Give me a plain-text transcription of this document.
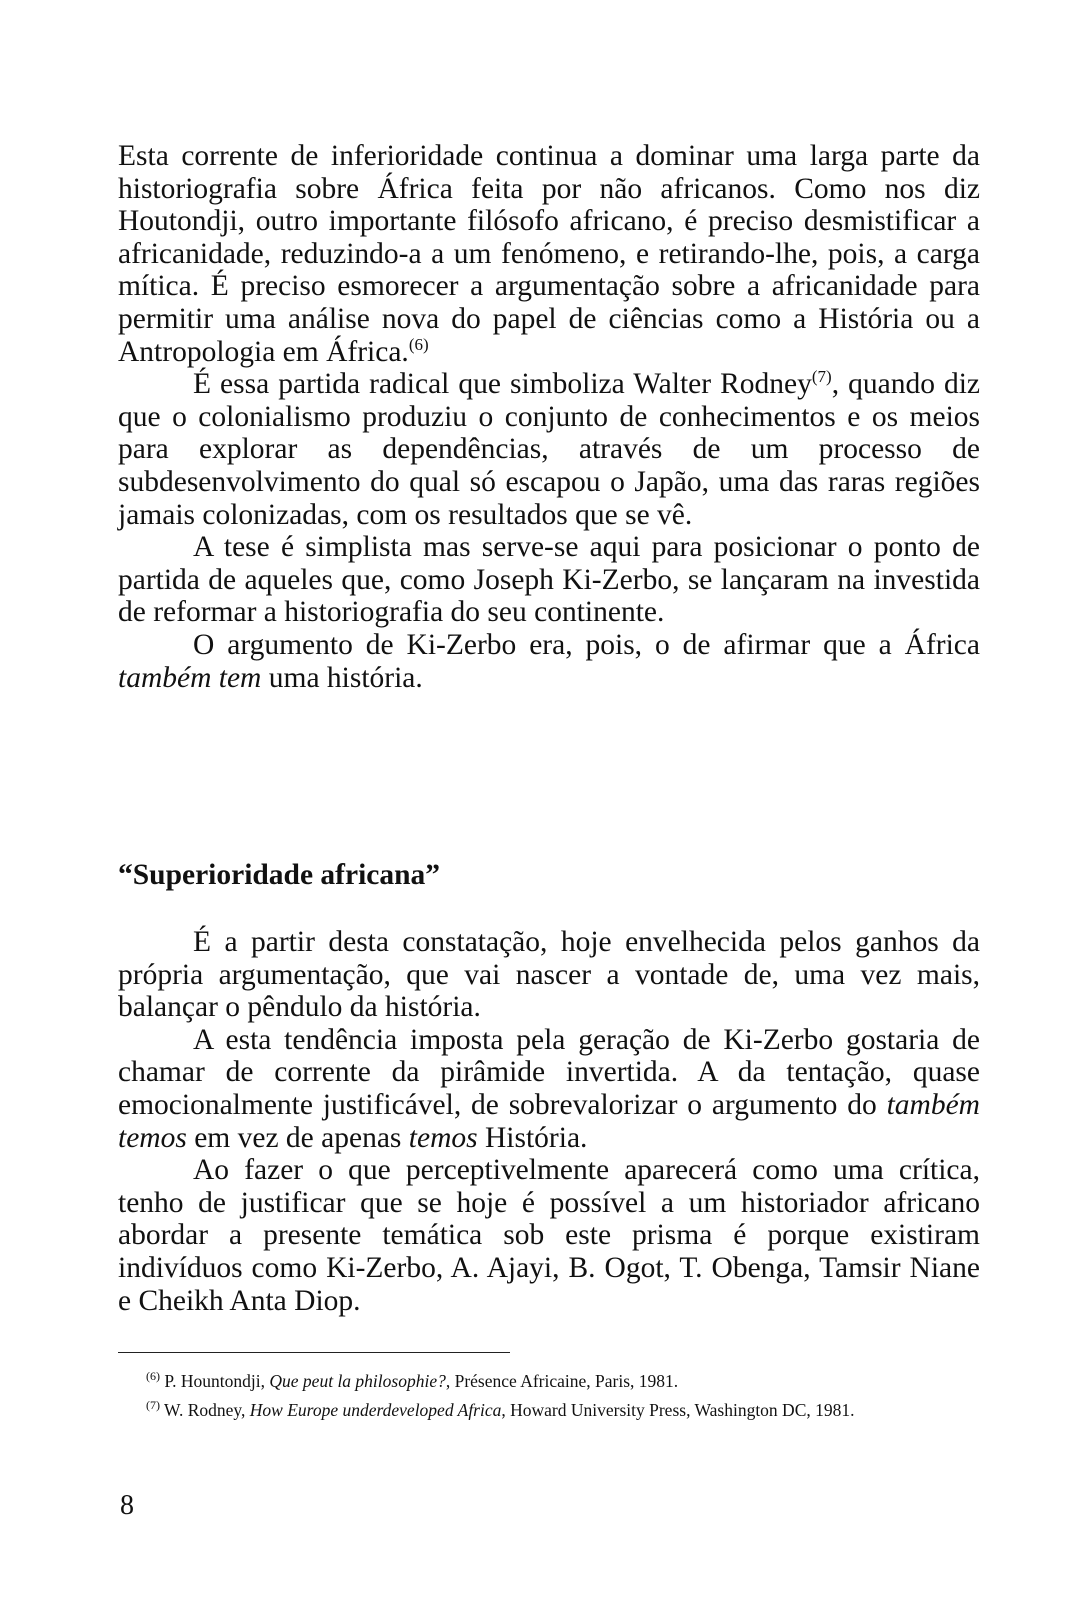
Esta corrente de inferioridade continua a dominar uma larga parte da historiografia sobre África feita por não africanos. Como nos diz Houtondji, outro importante filósofo africano, é preciso desmistificar a africanidade, reduzindo-a a um fenómeno, e retirando-lhe, pois, a carga mítica. É preciso esmorecer a argumentação sobre a africanidade para permitir uma análise nova do papel de ciências como a História ou a Antropologia em África.$^{(6)}$

É essa partida radical que simboliza Walter Rodney$^{(7)}$, quando diz que o colonialismo produziu o conjunto de conhecimentos e os meios para explorar as dependências, através de um processo de subdesenvolvimento do qual só escapou o Japão, uma das raras regiões jamais colonizadas, com os resultados que se vê.

A tese é simplista mas serve-se aqui para posicionar o ponto de partida de aqueles que, como Joseph Ki-Zerbo, se lançaram na investida de reformar a historiografia do seu continente.

O argumento de Ki-Zerbo era, pois, o de afirmar que a África também tem uma história.

“Superioridade africana”

É a partir desta constatação, hoje envelhecida pelos ganhos da própria argumentação, que vai nascer a vontade de, uma vez mais, balançar o pêndulo da história.

A esta tendência imposta pela geração de Ki-Zerbo gostaria de chamar de corrente da pirâmide invertida. A da tentação, quase emocionalmente justificável, de sobrevalorizar o argumento do também temos em vez de apenas temos História.

Ao fazer o que perceptivelmente aparecerá como uma crítica, tenho de justificar que se hoje é possível a um historiador africano abordar a presente temática sob este prisma é porque existiram indivíduos como Ki-Zerbo, A. Ajayi, B. Ogot, T. Obenga, Tamsir Niane e Cheikh Anta Diop.

$^{(6)}$ P. Hountondji, Que peut la philosophie?, Présence Africaine, Paris, 1981.

$^{(7)}$ W. Rodney, How Europe underdeveloped Africa, Howard University Press, Washington DC, 1981.

8
